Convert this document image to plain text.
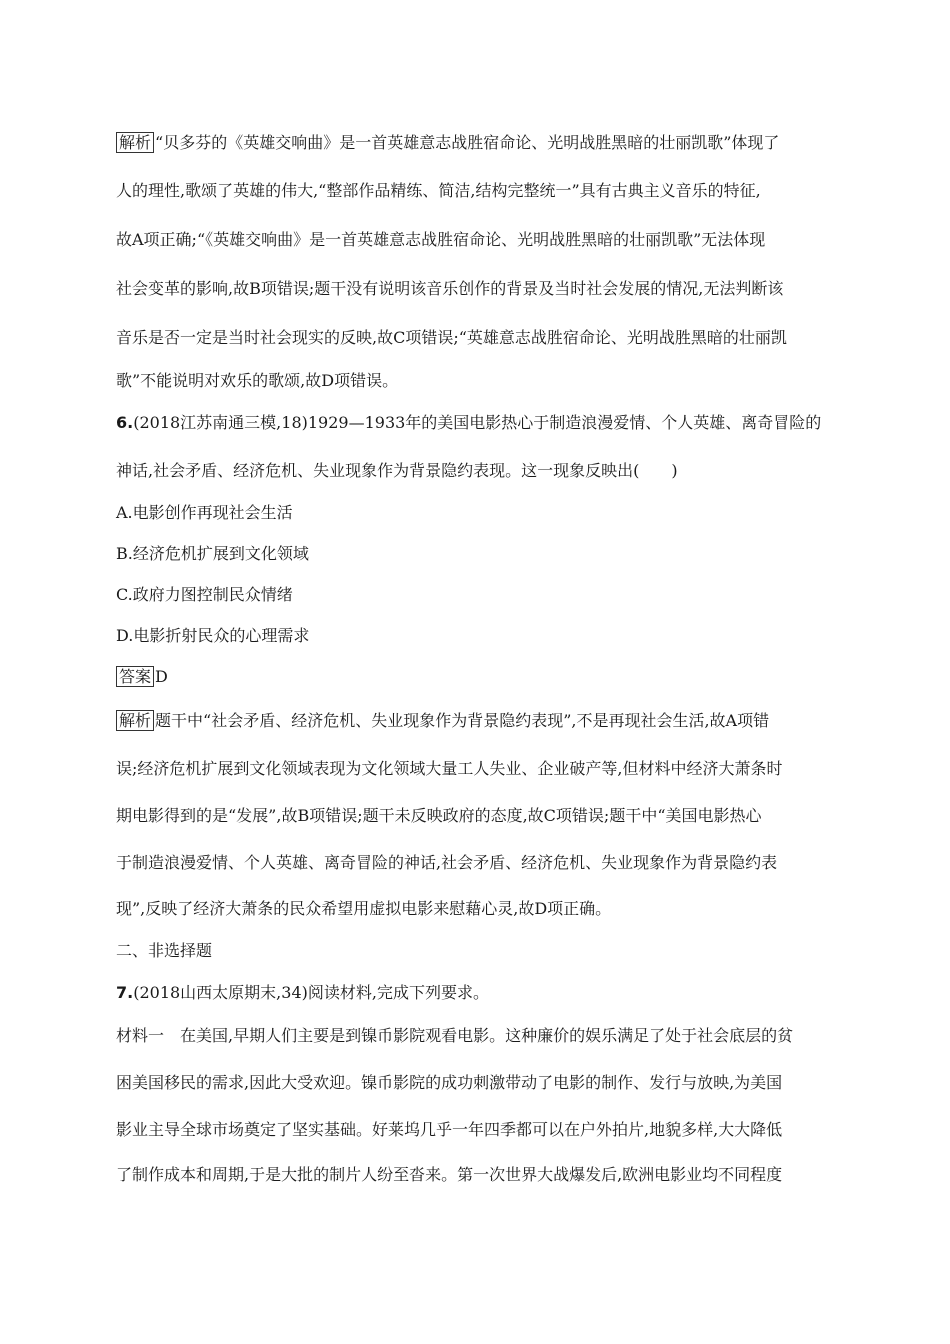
解析 “贝多芬的《英雄交响曲》是一首英雄意志战胜宿命论、光明战胜黑暗的壮丽凯歌”体现了
人的理性,歌颂了英雄的伟大,“整部作品精练、简洁,结构完整统一”具有古典主义音乐的特征,
故A项正确;“《英雄交响曲》是一首英雄意志战胜宿命论、光明战胜黑暗的壮丽凯歌”无法体现
社会变革的影响,故B项错误;题干没有说明该音乐创作的背景及当时社会发展的情况,无法判断该
音乐是否一定是当时社会现实的反映,故C项错误;“英雄意志战胜宿命论、光明战胜黑暗的壮丽凯
歌”不能说明对欢乐的歌颂,故D项错误。
6.(2018江苏南通三模,18)1929—1933年的美国电影热心于制造浪漫爱情、个人英雄、离奇冒险的
神话,社会矛盾、经济危机、失业现象作为背景隐约表现。这一现象反映出(　　)
A.电影创作再现社会生活
B.经济危机扩展到文化领域
C.政府力图控制民众情绪
D.电影折射民众的心理需求
答案 D
解析 题干中“社会矛盾、经济危机、失业现象作为背景隐约表现”,不是再现社会生活,故A项错
误;经济危机扩展到文化领域表现为文化领域大量工人失业、企业破产等,但材料中经济大萧条时
期电影得到的是“发展”,故B项错误;题干未反映政府的态度,故C项错误;题干中“美国电影热心
于制造浪漫爱情、个人英雄、离奇冒险的神话,社会矛盾、经济危机、失业现象作为背景隐约表
现”,反映了经济大萧条的民众希望用虚拟电影来慰藉心灵,故D项正确。
二、非选择题
7.(2018山西太原期末,34)阅读材料,完成下列要求。
材料一　在美国,早期人们主要是到镍币影院观看电影。这种廉价的娱乐满足了处于社会底层的贫
困美国移民的需求,因此大受欢迎。镍币影院的成功刺激带动了电影的制作、发行与放映,为美国
影业主导全球市场奠定了坚实基础。好莱坞几乎一年四季都可以在户外拍片,地貌多样,大大降低
了制作成本和周期,于是大批的制片人纷至沓来。第一次世界大战爆发后,欧洲电影业均不同程度
